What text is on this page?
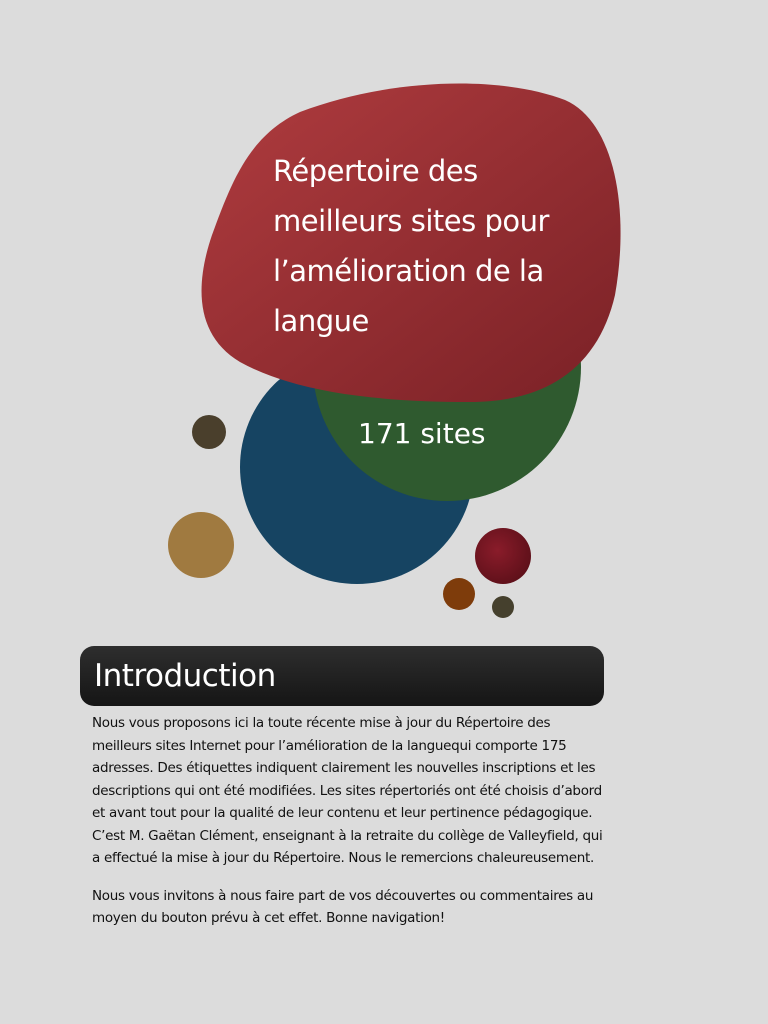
Répertoire des
meilleurs sites pour
l’amélioration de la
langue
171 sites
Introduction

Nous vous proposons ici la toute récente mise à jour du Répertoire des
meilleurs sites Internet pour l’amélioration de la languequi comporte 175
adresses. Des étiquettes indiquent clairement les nouvelles inscriptions et les
descriptions qui ont été modifiées. Les sites répertoriés ont été choisis d’abord
et avant tout pour la qualité de leur contenu et leur pertinence pédagogique.
C’est M. Gaëtan Clément, enseignant à la retraite du collège de Valleyfield, qui
a effectué la mise à jour du Répertoire. Nous le remercions chaleureusement.

Nous vous invitons à nous faire part de vos découvertes ou commentaires au
moyen du bouton prévu à cet effet. Bonne navigation!
